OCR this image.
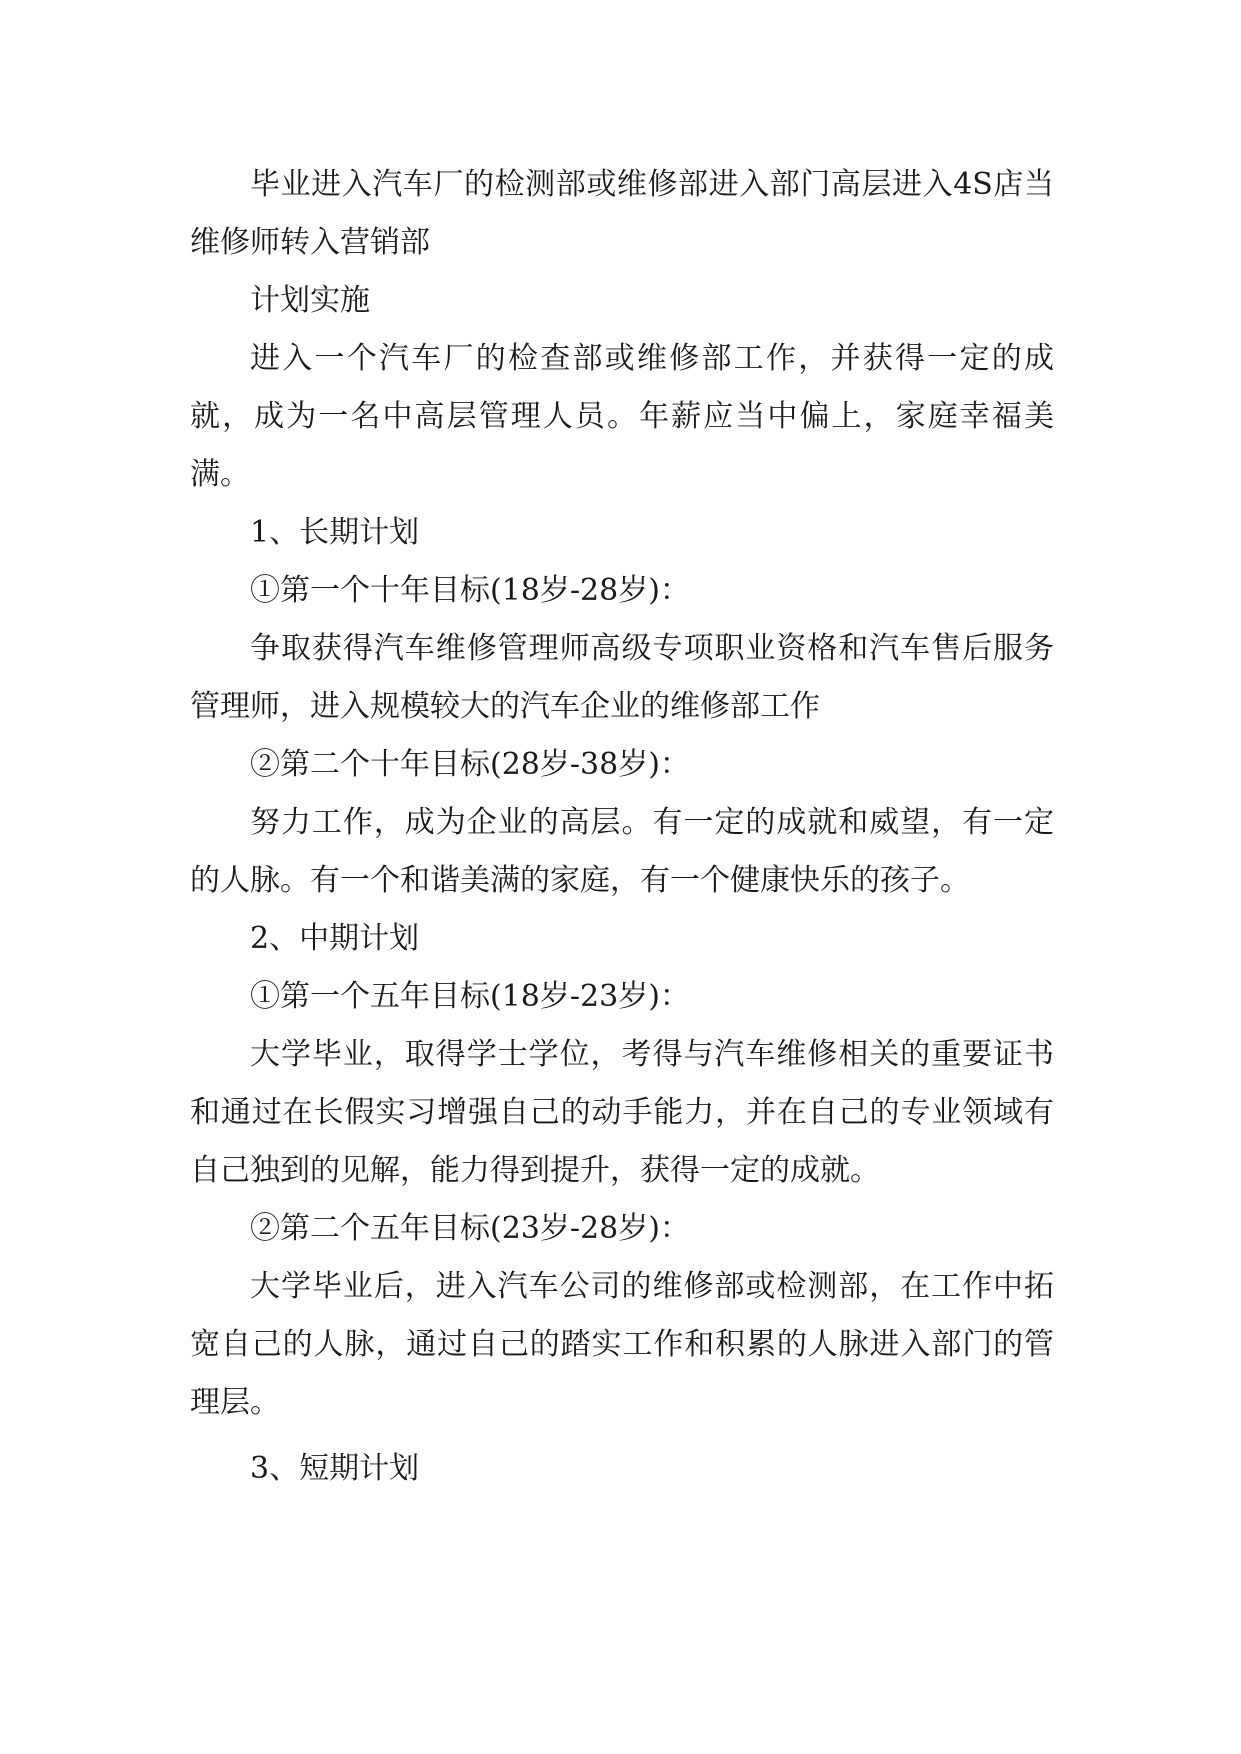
毕业进入汽车厂的检测部或维修部进入部门高层进入4S店当维修师转入营销部

计划实施

进入一个汽车厂的检查部或维修部工作，并获得一定的成就，成为一名中高层管理人员。年薪应当中偏上，家庭幸福美满。

1、长期计划

①第一个十年目标(18岁-28岁)：

争取获得汽车维修管理师高级专项职业资格和汽车售后服务管理师，进入规模较大的汽车企业的维修部工作

②第二个十年目标(28岁-38岁)：

努力工作，成为企业的高层。有一定的成就和威望，有一定的人脉。有一个和谐美满的家庭，有一个健康快乐的孩子。

2、中期计划

①第一个五年目标(18岁-23岁)：

大学毕业，取得学士学位，考得与汽车维修相关的重要证书和通过在长假实习增强自己的动手能力，并在自己的专业领域有自己独到的见解，能力得到提升，获得一定的成就。

②第二个五年目标(23岁-28岁)：

大学毕业后，进入汽车公司的维修部或检测部，在工作中拓宽自己的人脉，通过自己的踏实工作和积累的人脉进入部门的管理层。

3、短期计划
